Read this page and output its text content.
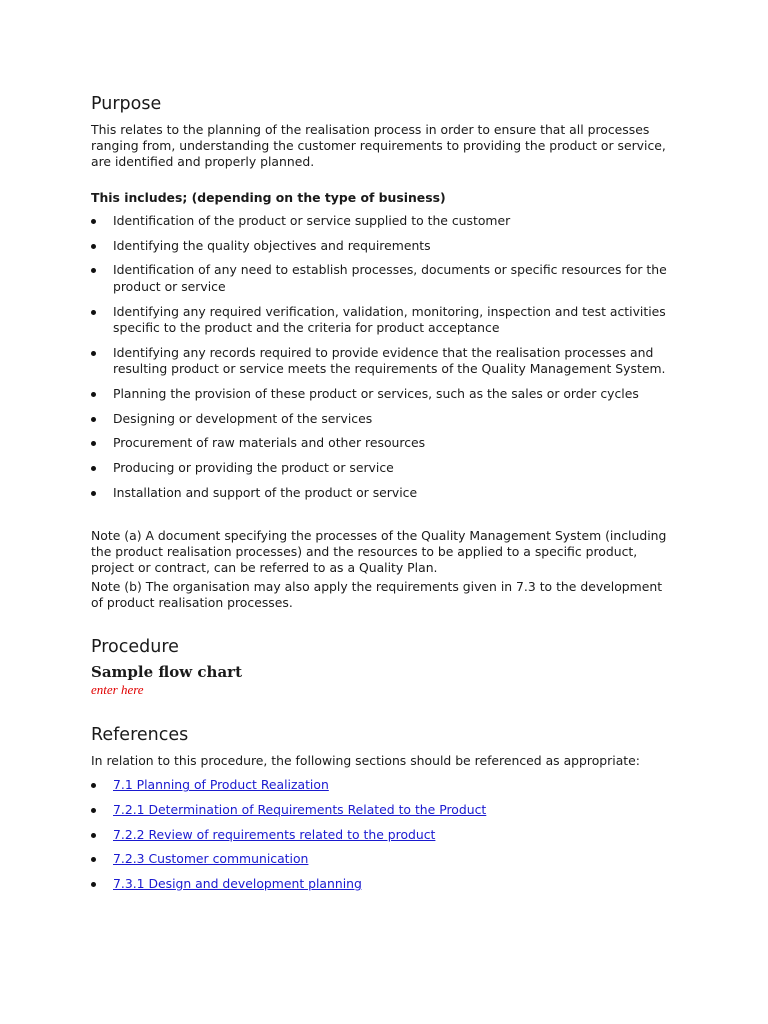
Purpose

This relates to the planning of the realisation process in order to ensure that all processes
ranging from, understanding the customer requirements to providing the product or service,
are identified and properly planned.

This includes; (depending on the type of business)

Identification of the product or service supplied to the customer
Identifying the quality objectives and requirements
Identification of any need to establish processes, documents or specific resources for the
product or service
Identifying any required verification, validation, monitoring, inspection and test activities
specific to the product and the criteria for product acceptance
Identifying any records required to provide evidence that the realisation processes and
resulting product or service meets the requirements of the Quality Management System.
Planning the provision of these product or services, such as the sales or order cycles
Designing or development of the services
Procurement of raw materials and other resources
Producing or providing the product or service
Installation and support of the product or service

Note (a) A document specifying the processes of the Quality Management System (including
the product realisation processes) and the resources to be applied to a specific product,
project or contract, can be referred to as a Quality Plan.

Note (b) The organisation may also apply the requirements given in 7.3 to the development
of product realisation processes.

Procedure
Sample flow chart
enter here
References

In relation to this procedure, the following sections should be referenced as appropriate:

7.1 Planning of Product Realization
7.2.1 Determination of Requirements Related to the Product
7.2.2 Review of requirements related to the product
7.2.3 Customer communication
7.3.1 Design and development planning
